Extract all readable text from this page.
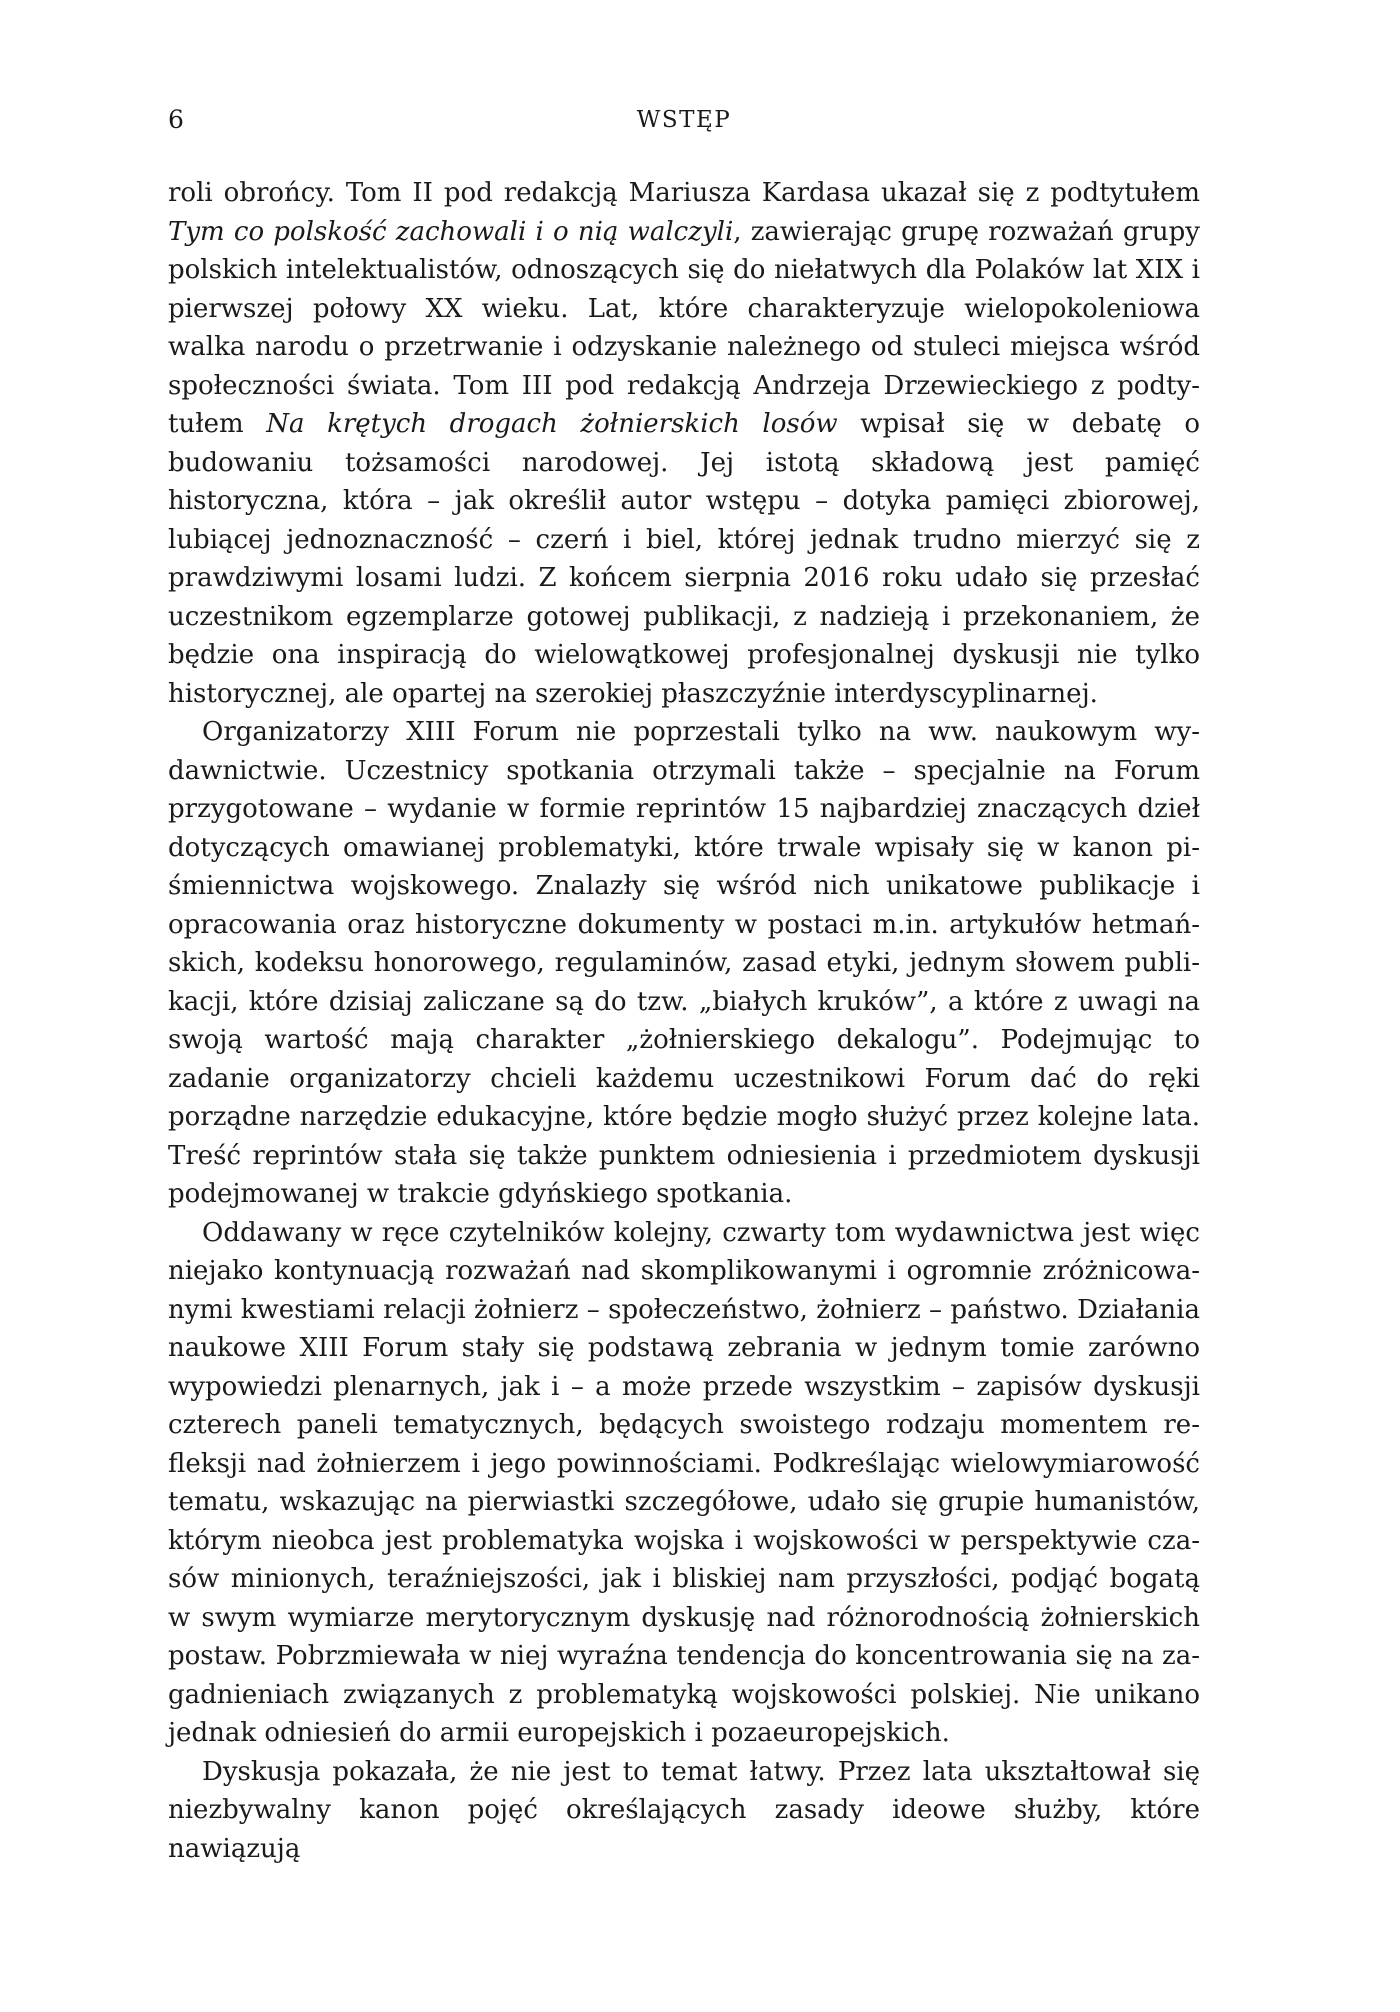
6	WSTĘP

roli obrońcy. Tom II pod redakcją Mariusza Kardasa ukazał się z podtytułem Tym co polskość zachowali i o nią walczyli, zawierając grupę rozważań grupy polskich intelektualistów, odnoszących się do niełatwych dla Polaków lat XIX i pierwszej połowy XX wieku. Lat, które charakteryzuje wielopokoleniowa walka narodu o przetrwanie i odzyskanie należnego od stuleci miejsca wśród społeczności świata. Tom III pod redakcją Andrzeja Drzewieckiego z podtytułem Na krętych drogach żołnierskich losów wpisał się w debatę o budowaniu tożsamości narodowej. Jej istotą składową jest pamięć historyczna, która – jak określił autor wstępu – dotyka pamięci zbiorowej, lubiącej jednoznaczność – czerń i biel, której jednak trudno mierzyć się z prawdziwymi losami ludzi. Z końcem sierpnia 2016 roku udało się przesłać uczestnikom egzemplarze gotowej publikacji, z nadzieją i przekonaniem, że będzie ona inspiracją do wielowątkowej profesjonalnej dyskusji nie tylko historycznej, ale opartej na szerokiej płaszczyźnie interdyscyplinarnej.

Organizatorzy XIII Forum nie poprzestali tylko na ww. naukowym wydawnictwie. Uczestnicy spotkania otrzymali także – specjalnie na Forum przygotowane – wydanie w formie reprintów 15 najbardziej znaczących dzieł dotyczących omawianej problematyki, które trwale wpisały się w kanon piśmiennictwa wojskowego. Znalazły się wśród nich unikatowe publikacje i opracowania oraz historyczne dokumenty w postaci m.in. artykułów hetmańskich, kodeksu honorowego, regulaminów, zasad etyki, jednym słowem publikacji, które dzisiaj zaliczane są do tzw. „białych kruków”, a które z uwagi na swoją wartość mają charakter „żołnierskiego dekalogu”. Podejmując to zadanie organizatorzy chcieli każdemu uczestnikowi Forum dać do ręki porządne narzędzie edukacyjne, które będzie mogło służyć przez kolejne lata. Treść reprintów stała się także punktem odniesienia i przedmiotem dyskusji podejmowanej w trakcie gdyńskiego spotkania.

Oddawany w ręce czytelników kolejny, czwarty tom wydawnictwa jest więc niejako kontynuacją rozważań nad skomplikowanymi i ogromnie zróżnicowanymi kwestiami relacji żołnierz – społeczeństwo, żołnierz – państwo. Działania naukowe XIII Forum stały się podstawą zebrania w jednym tomie zarówno wypowiedzi plenarnych, jak i – a może przede wszystkim – zapisów dyskusji czterech paneli tematycznych, będących swoistego rodzaju momentem refleksji nad żołnierzem i jego powinnościami. Podkreślając wielowymiarowość tematu, wskazując na pierwiastki szczegółowe, udało się grupie humanistów, którym nieobca jest problematyka wojska i wojskowości w perspektywie czasów minionych, teraźniejszości, jak i bliskiej nam przyszłości, podjąć bogatą w swym wymiarze merytorycznym dyskusję nad różnorodnością żołnierskich postaw. Pobrzmiewała w niej wyraźna tendencja do koncentrowania się na zagadnieniach związanych z problematyką wojskowości polskiej. Nie unikano jednak odniesień do armii europejskich i pozaeuropejskich.

Dyskusja pokazała, że nie jest to temat łatwy. Przez lata ukształtował się niezbywalny kanon pojęć określających zasady ideowe służby, które nawiązują
